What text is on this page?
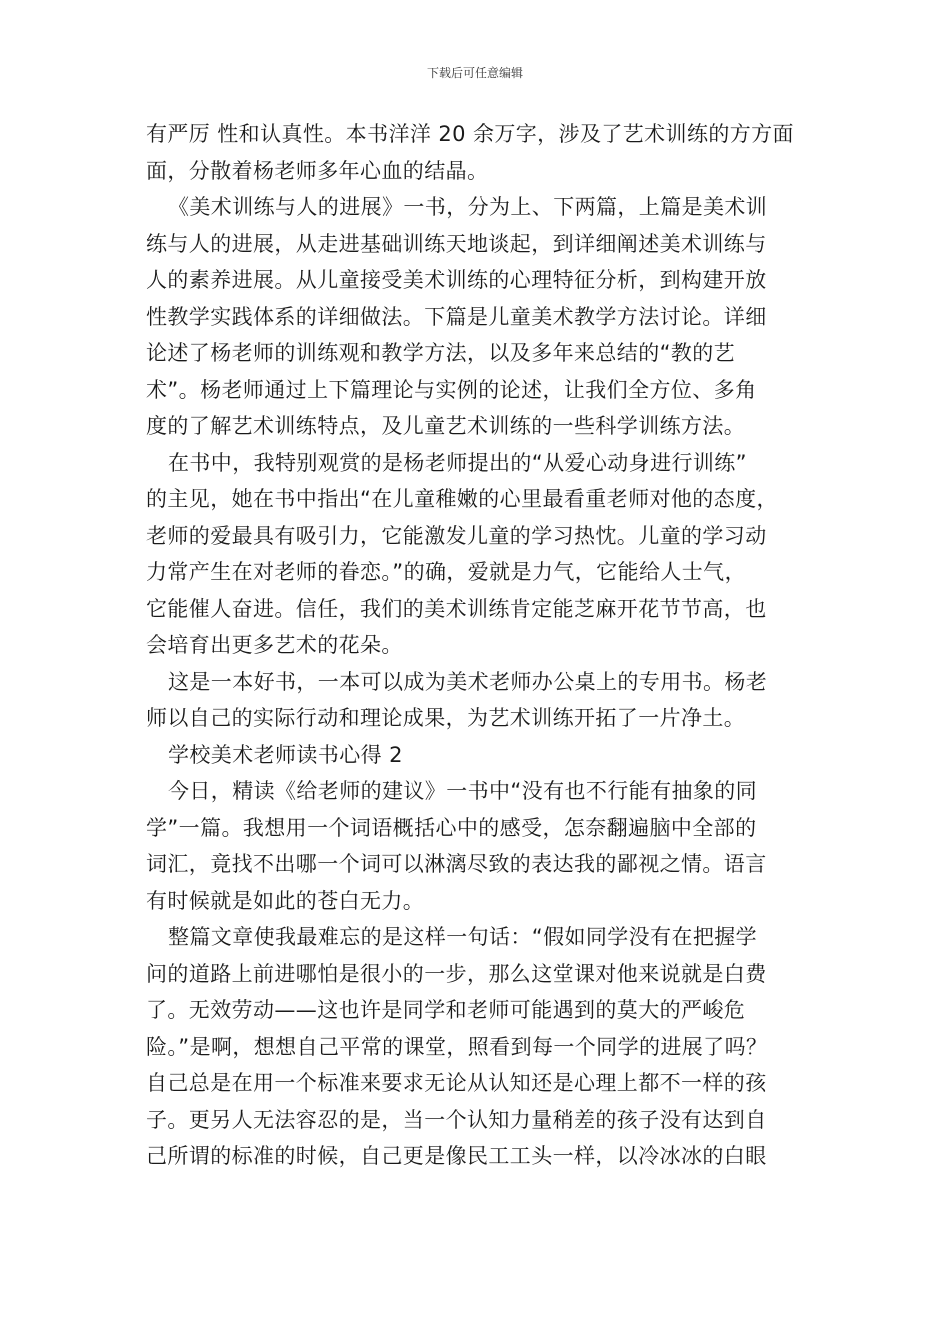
下载后可任意编辑
有严厉 性和认真性。本书洋洋 20 余万字，涉及了艺术训练的方方面
面，分散着杨老师多年心血的结晶。
《美术训练与人的进展》一书，分为上、下两篇，上篇是美术训
练与人的进展，从走进基础训练天地谈起，到详细阐述美术训练与
人的素养进展。从儿童接受美术训练的心理特征分析，到构建开放
性教学实践体系的详细做法。下篇是儿童美术教学方法讨论。详细
论述了杨老师的训练观和教学方法，以及多年来总结的“教的艺
术”。杨老师通过上下篇理论与实例的论述，让我们全方位、多角
度的了解艺术训练特点，及儿童艺术训练的一些科学训练方法。
在书中，我特别观赏的是杨老师提出的“从爱心动身进行训练”
的主见，她在书中指出“在儿童稚嫩的心里最看重老师对他的态度，
老师的爱最具有吸引力，它能激发儿童的学习热忱。儿童的学习动
力常产生在对老师的眷恋。”的确，爱就是力气，它能给人士气，
它能催人奋进。信任，我们的美术训练肯定能芝麻开花节节高，也
会培育出更多艺术的花朵。
这是一本好书，一本可以成为美术老师办公桌上的专用书。杨老
师以自己的实际行动和理论成果，为艺术训练开拓了一片净土。
学校美术老师读书心得 2
今日，精读《给老师的建议》一书中“没有也不行能有抽象的同
学”一篇。我想用一个词语概括心中的感受，怎奈翻遍脑中全部的
词汇，竟找不出哪一个词可以淋漓尽致的表达我的鄙视之情。语言
有时候就是如此的苍白无力。
整篇文章使我最难忘的是这样一句话：“假如同学没有在把握学
问的道路上前进哪怕是很小的一步，那么这堂课对他来说就是白费
了。无效劳动——这也许是同学和老师可能遇到的莫大的严峻危
险。”是啊，想想自己平常的课堂，照看到每一个同学的进展了吗？
自己总是在用一个标准来要求无论从认知还是心理上都不一样的孩
子。更另人无法容忍的是，当一个认知力量稍差的孩子没有达到自
己所谓的标准的时候，自己更是像民工工头一样，以冷冰冰的白眼
